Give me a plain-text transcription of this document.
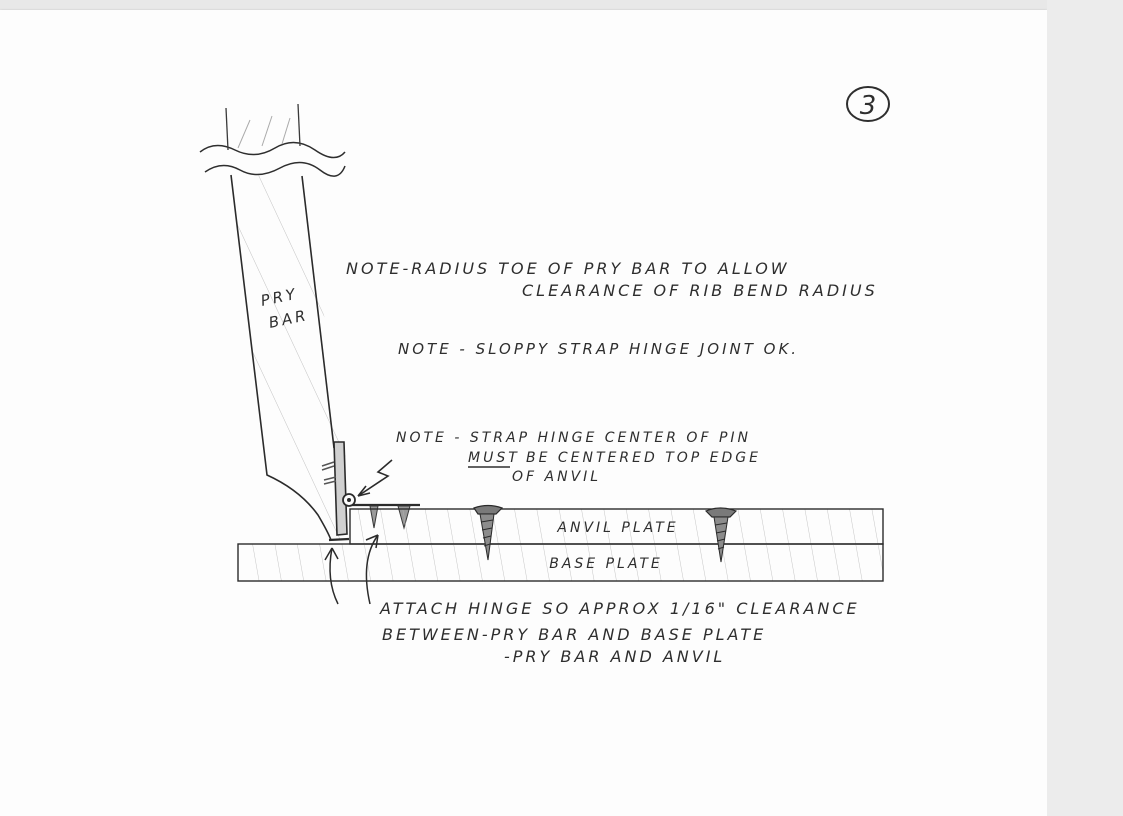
3
PRY
BAR
ANVIL PLATE
BASE PLATE
NOTE-RADIUS TOE OF PRY BAR TO ALLOW
CLEARANCE OF RIB BEND RADIUS
NOTE - SLOPPY STRAP HINGE JOINT OK.
NOTE - STRAP HINGE CENTER OF PIN
MUST BE CENTERED TOP EDGE
OF ANVIL
ATTACH HINGE SO APPROX 1/16" CLEARANCE
BETWEEN-PRY BAR AND BASE PLATE
-PRY BAR AND ANVIL
